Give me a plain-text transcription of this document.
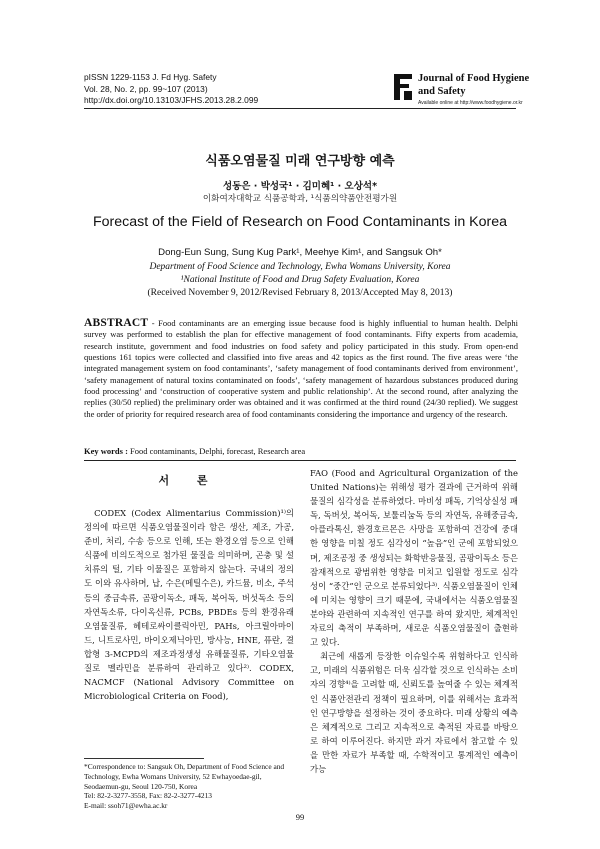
pISSN 1229-1153 J. Fd Hyg. Safety
Vol. 28, No. 2, pp. 99~107 (2013)
http://dx.doi.org/10.13103/JFHS.2013.28.2.099
Journal of Food Hygiene
and Safety
Available online at http://www.foodhygiene.or.kr
식품오염물질 미래 연구방향 예측
성동은 · 박성국¹ · 김미혜¹ · 오상석*
이화여자대학교 식품공학과, ¹식품의약품안전평가원
Forecast of the Field of Research on Food Contaminants in Korea
Dong-Eun Sung, Sung Kug Park¹, Meehye Kim¹, and Sangsuk Oh*
Department of Food Science and Technology, Ewha Womans University, Korea
¹National Institute of Food and Drug Safety Evaluation, Korea
(Received November 9, 2012/Revised February 8, 2013/Accepted May 8, 2013)
ABSTRACT - Food contaminants are an emerging issue because food is highly influential to human health. Delphi survey was performed to establish the plan for effective management of food contaminants. Fifty experts from academia, research institute, government and food industries on food safety and policy participated in this study. From open-end questions 161 topics were collected and classified into five areas and 42 topics as the first round. The five areas were ‘the integrated management system on food contaminants’, ‘safety management of food contaminants derived from environment’, ‘safety management of natural toxins contaminated on foods’, ‘safety management of hazardous substances produced during food processing’ and ‘construction of cooperative system and public relationship’. At the second round, after analyzing the replies (30/50 replied) the preliminary order was obtained and it was confirmed at the third round (24/30 replied). We suggest the order of priority for required research area of food contaminants considering the importance and urgency of the research.
Key words : Food contaminants, Delphi, forecast, Research area
서 론

CODEX (Codex Alimentarius Commission)¹⁾의 정의에 따르면 식품오염물질이라 함은 생산, 제조, 가공, 준비, 처리, 수송 등으로 인해, 또는 환경오염 등으로 인해 식품에 비의도적으로 첨가된 물질을 의미하며, 곤충 및 설치류의 털, 기타 이물질은 포함하지 않는다. 국내의 정의도 이와 유사하며, 납, 수은(메틸수은), 카드뮴, 비소, 주석 등의 중금속류, 곰팡이독소, 패독, 복어독, 버섯독소 등의 자연독소류, 다이옥신류, PCBs, PBDEs 등의 환경유래오염물질류, 헤테로싸이클릭아민, PAHs, 아크릴아마이드, 니트로사민, 바이오제닉아민, 방사능, HNE, 퓨란, 결합형 3-MCPD의 제조과정생성 유해물질류, 기타오염물질로 멜라민을 분류하여 관리하고 있다²⁾. CODEX, NACMCF (National Advisory Committee on Microbiological Criteria on Food),

FAO (Food and Agricultural Organization of the United Nations)는 위해성 평가 결과에 근거하여 위해물질의 심각성을 분류하였다. 마비성 패독, 기억상실성 패독, 독버섯, 복어독, 보툴리눔독 등의 자연독, 유해중금속, 아플라톡신, 환경호르몬은 사망을 포함하여 건강에 중대한 영향을 미칠 정도 심각성이 “높음”인 군에 포함되었으며, 제조공정 중 생성되는 화학반응물질, 곰팡이독소 등은 잠재적으로 광범위한 영향을 미치고 입원할 정도로 심각성이 “중간”인 군으로 분류되었다³⁾. 식품오염물질이 인체에 미치는 영향이 크기 때문에, 국내에서는 식품오염물질 분야와 관련하여 지속적인 연구를 하여 왔지만, 체계적인 자료의 축적이 부족하며, 새로운 식품오염물질이 출현하고 있다.

최근에 새롭게 등장한 이슈일수록 위험하다고 인식하고, 미래의 식품위험은 더욱 심각할 것으로 인식하는 소비자의 경향⁴⁾을 고려할 때, 신뢰도를 높여줄 수 있는 체계적인 식품안전관리 정책이 필요하며, 이를 위해서는 효과적인 연구방향을 설정하는 것이 중요하다. 미래 상황의 예측은 체계적으로 그리고 지속적으로 축적된 자료를 바탕으로 하여 이루어진다. 하지만 과거 자료에서 참고할 수 있을 만한 자료가 부족할 때, 수학적이고 통계적인 예측이 가능

*Correspondence to: Sangsuk Oh, Department of Food Science and Technology, Ewha Womans University, 52 Ewhayoedae-gil, Seodaemun-gu, Seoul 120-750, Korea
Tel: 82-2-3277-3558, Fax: 82-2-3277-4213
E-mail: ssoh71@ewha.ac.kr
99
